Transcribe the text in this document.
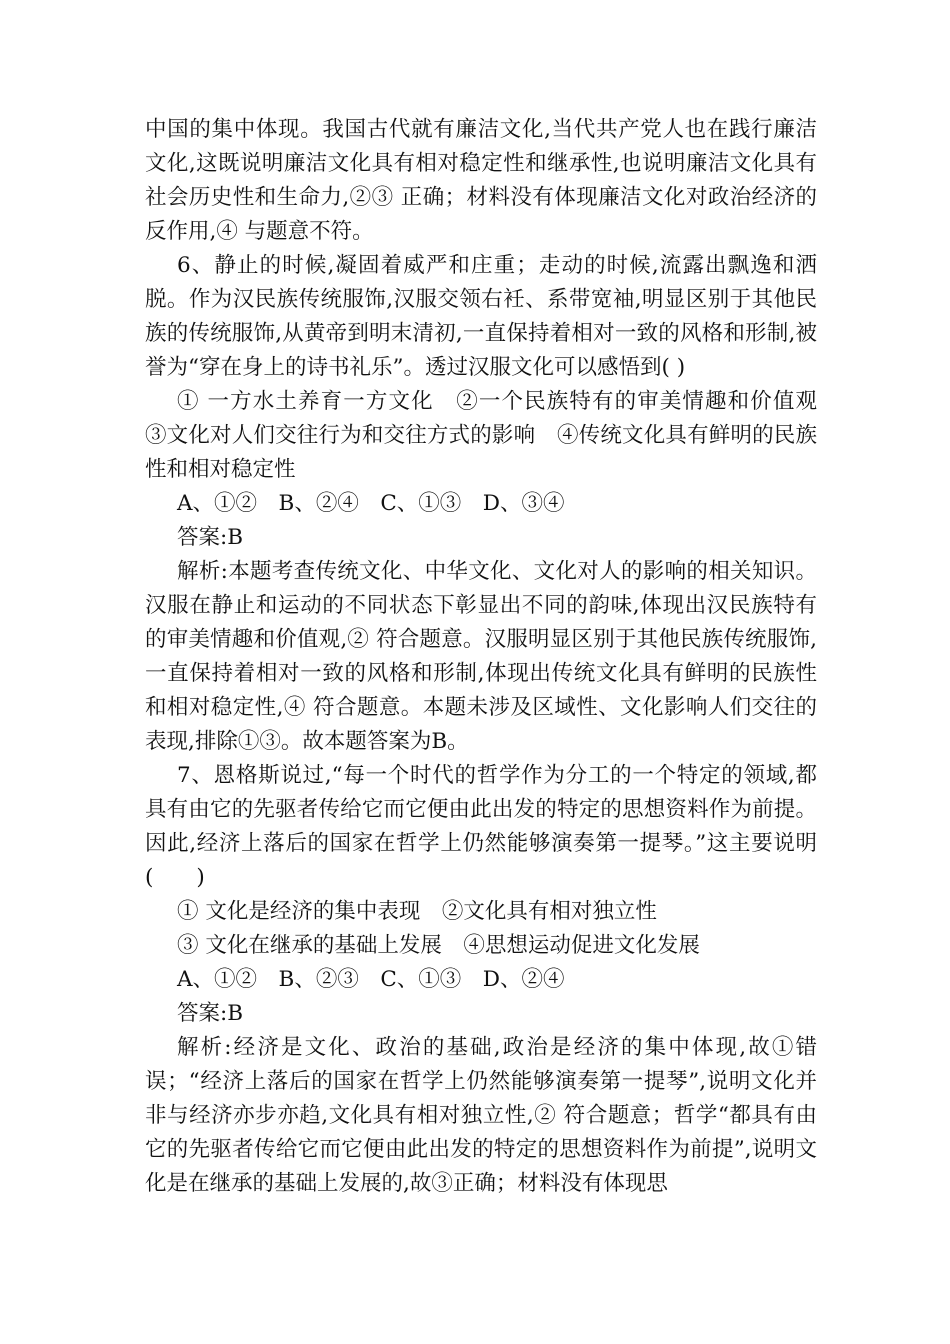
中国的集中体现。我国古代就有廉洁文化,当代共产党人也在践行廉洁文化,这既说明廉洁文化具有相对稳定性和继承性,也说明廉洁文化具有社会历史性和生命力,②③ 正确；材料没有体现廉洁文化对政治经济的反作用,④ 与题意不符。

6、静止的时候,凝固着威严和庄重；走动的时候,流露出飘逸和洒脱。作为汉民族传统服饰,汉服交领右衽、系带宽袖,明显区别于其他民族的传统服饰,从黄帝到明末清初,一直保持着相对一致的风格和形制,被誉为“穿在身上的诗书礼乐”。透过汉服文化可以感悟到( )

① 一方水土养育一方文化　②一个民族特有的审美情趣和价值观　③文化对人们交往行为和交往方式的影响　④传统文化具有鲜明的民族性和相对稳定性

A、①②　B、②④　C、①③　D、③④

答案:B

解析:本题考查传统文化、中华文化、文化对人的影响的相关知识。汉服在静止和运动的不同状态下彰显出不同的韵味,体现出汉民族特有的审美情趣和价值观,② 符合题意。汉服明显区别于其他民族传统服饰,一直保持着相对一致的风格和形制,体现出传统文化具有鲜明的民族性和相对稳定性,④ 符合题意。本题未涉及区域性、文化影响人们交往的表现,排除①③。故本题答案为B。

7、恩格斯说过,“每一个时代的哲学作为分工的一个特定的领域,都具有由它的先驱者传给它而它便由此出发的特定的思想资料作为前提。因此,经济上落后的国家在哲学上仍然能够演奏第一提琴。”这主要说明(　　)

① 文化是经济的集中表现　②文化具有相对独立性

③ 文化在继承的基础上发展　④思想运动促进文化发展

A、①②　B、②③　C、①③　D、②④

答案:B

解析:经济是文化、政治的基础,政治是经济的集中体现,故①错误；“经济上落后的国家在哲学上仍然能够演奏第一提琴”,说明文化并非与经济亦步亦趋,文化具有相对独立性,② 符合题意；哲学“都具有由它的先驱者传给它而它便由此出发的特定的思想资料作为前提”,说明文化是在继承的基础上发展的,故③正确；材料没有体现思
